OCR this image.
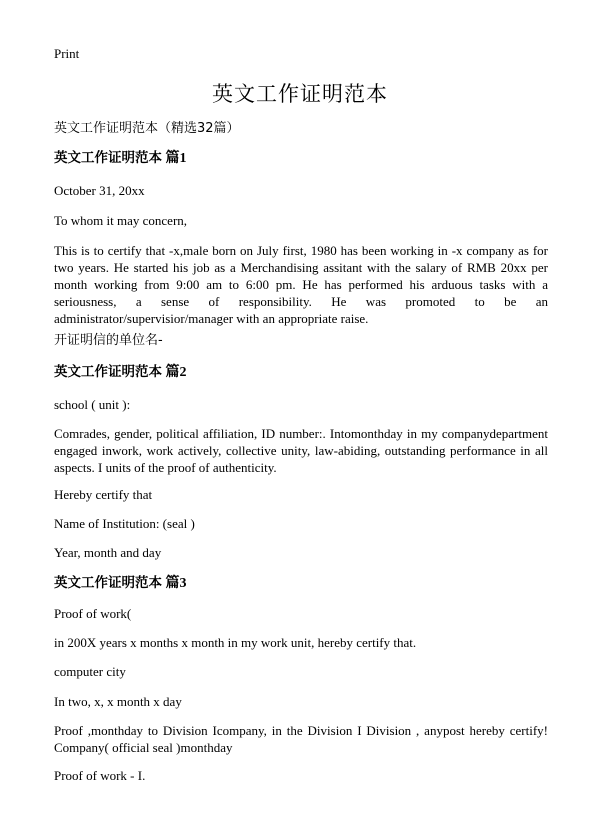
Print
英文工作证明范本
英文工作证明范本（精选32篇）
英文工作证明范本 篇1
October 31, 20xx
To whom it may concern,
This is to certify that -x,male born on July first, 1980 has been working in -x company as for two years. He started his job as a Merchandising assitant with the salary of RMB 20xx per month working from 9:00 am to 6:00 pm. He has performed his arduous tasks with a seriousness, a sense of responsibility. He was promoted to be an administrator/supervisior/manager with an appropriate raise.
开证明信的单位名-
英文工作证明范本 篇2
school ( unit ):
Comrades, gender, political affiliation, ID number:. Intomonthday in my companydepartment engaged inwork, work actively, collective unity, law-abiding, outstanding performance in all aspects. I units of the proof of authenticity.
Hereby certify that
Name of Institution: (seal )
Year, month and day
英文工作证明范本 篇3
Proof of work(
in 200X years x months x month in my work unit, hereby certify that.
computer city
In two, x, x month x day
Proof ,monthday to Division Icompany, in the Division I Division , anypost hereby certify! Company( official seal )monthday
Proof of work - I.
